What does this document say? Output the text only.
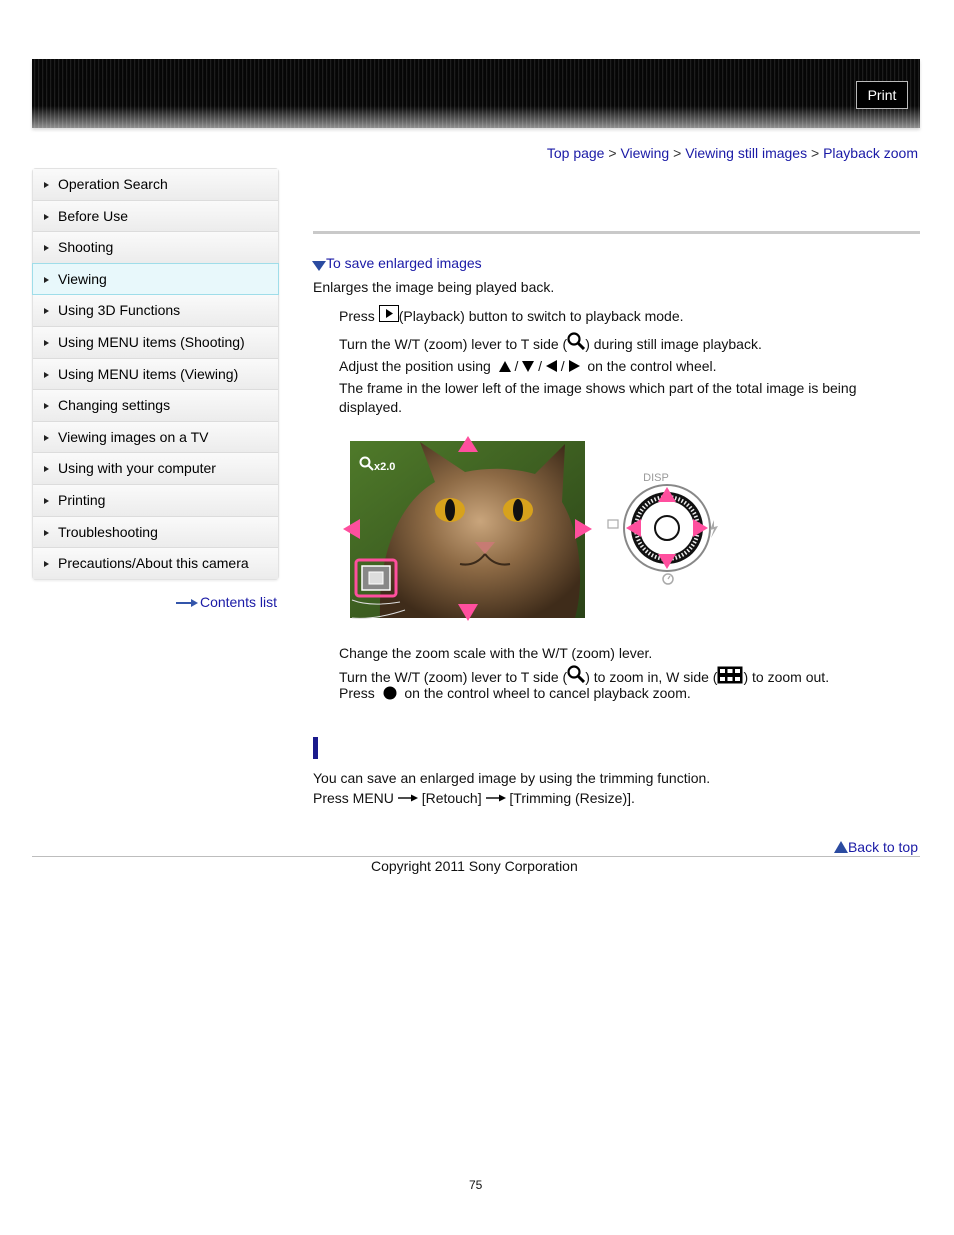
Print
Top page > Viewing > Viewing still images > Playback zoom
Operation Search
Before Use
Shooting
Viewing
Using 3D Functions
Using MENU items (Shooting)
Using MENU items (Viewing)
Changing settings
Viewing images on a TV
Using with your computer
Printing
Troubleshooting
Precautions/About this camera
Contents list
To save enlarged images
Enlarges the image being played back.
Press (Playback) button to switch to playback mode.
Turn the W/T (zoom) lever to T side ( ) during still image playback.
Adjust the position using / / / on the control wheel.
The frame in the lower left of the image shows which part of the total image is being
displayed.
x2.0
DISP
Change the zoom scale with the W/T (zoom) lever.
Turn the W/T (zoom) lever to T side ( ) to zoom in, W side ( ) to zoom out.
Press on the control wheel to cancel playback zoom.
You can save an enlarged image by using the trimming function.
Press MENU [Retouch] [Trimming (Resize)].
Back to top
Copyright 2011 Sony Corporation
75
